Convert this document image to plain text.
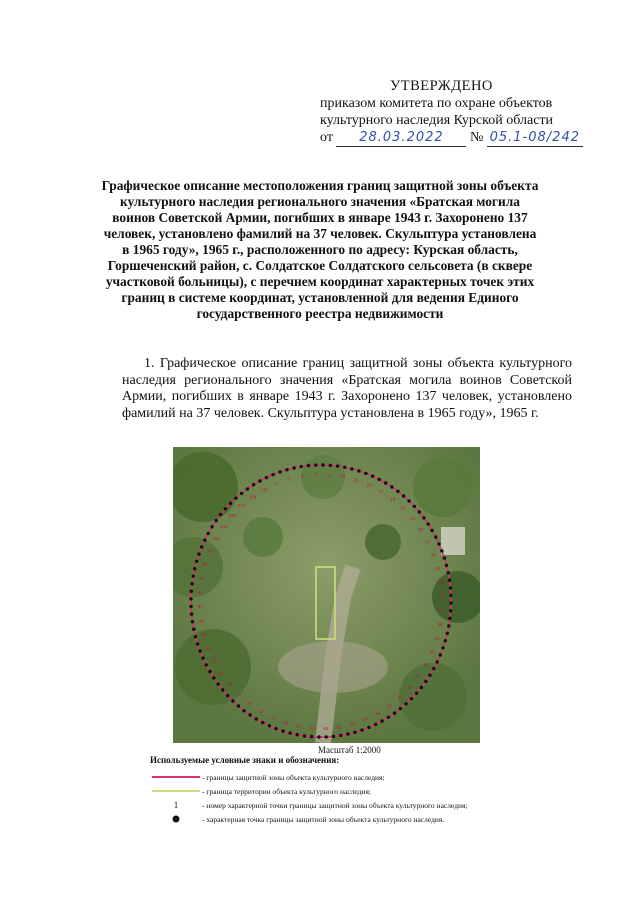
УТВЕРЖДЕНО
приказом комитета по охране объектов
культурного наследия Курской области
от 28.03.2022 № 05.1-08/242
Графическое описание местоположения границ защитной зоны объекта культурного наследия регионального значения «Братская могила воинов Советской Армии, погибших в январе 1943 г. Захоронено 137 человек, установлено фамилий на 37 человек. Скульптура установлена в 1965 году», 1965 г., расположенного по адресу: Курская область, Горшеченский район, с. Солдатское Солдатского сельсовета (в сквере участковой больницы), с перечнем координат характерных точек этих границ в системе координат, установленной для ведения Единого государственного реестра недвижимости
1. Графическое описание границ защитной зоны объекта культурного наследия регионального значения «Братская могила воинов Советской Армии, погибших в январе 1943 г. Захоронено 137 человек, установлено фамилий на 37 человек. Скульптура установлена в 1965 году», 1965 г.
1
3
5 7 9 11
13
15
17
19
21
23
25
27
29
31
33
35
37
39
41
43
45
47
49
51
53
55
57
59
61
63
65
67
69
71
73
75
77
79
81
83
85
87
89
91
93
95
97
99
101
103
105
107
109
111
Масштаб 1:2000
Используемые условные знаки и обозначения:
- границы защитной зоны объекта культурного наследия;
- граница территории объекта культурного наследия;
1	- номер характерной точки границы защитной зоны объекта культурного наследия;
- характерная точка границы защитной зоны объекта культурного наследия.
